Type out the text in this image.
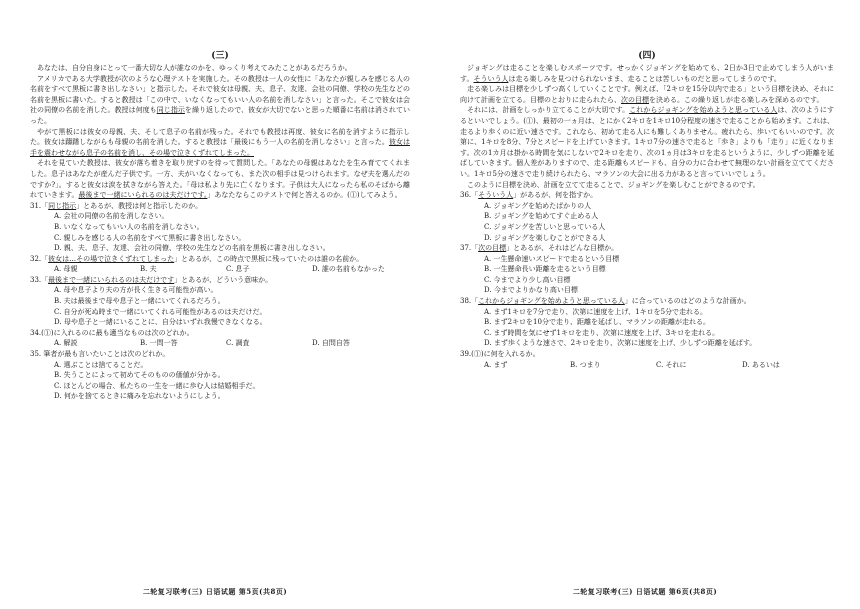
(三)

あなたは、自分自身にとって一番大切な人が誰なのかを、ゆっくり考えてみたことがあるだろうか。

アメリカである大学教授が次のような心理テストを実施した。その教授は一人の女性に「あなたが親しみを感じる人の名前をすべて黒板に書き出しなさい」と指示した。それで彼女は母親、夫、息子、友達、会社の同僚、学校の先生などの名前を黒板に書いた。すると教授は「この中で、いなくなってもいい人の名前を消しなさい」と言った。そこで彼女は会社の同僚の名前を消した。教授は何度も同じ指示を繰り返したので、彼女が大切でないと思った順番に名前は消されていった。

やがて黒板には彼女の母親、夫、そして息子の名前が残った。それでも教授は再度、彼女に名前を消すように指示した。彼女は躊躇しながらも母親の名前を消した。すると教授は「最後にもう一人の名前を消しなさい」と言った。彼女は手を震わせながら息子の名前を消し、その場で泣きくずれてしまった。

それを見ていた教授は、彼女が落ち着きを取り戻すのを待って質問した。「あなたの母親はあなたを生み育ててくれました。息子はあなたが産んだ子供です。一方、夫がいなくなっても、また次の相手は見つけられます。なぜ夫を選んだのですか?」。すると彼女は涙を拭きながら答えた。「母は私より先に亡くなります。子供は大人になったら私のそばから離れていきます。最後まで一緒にいられるのは夫だけです。」あなたならこのテストで何と答えるのか。(①)してみよう。

31.「同じ指示」とあるが、教授は何と指示したのか。

A. 会社の同僚の名前を消しなさい。

B. いなくなってもいい人の名前を消しなさい。

C. 親しみを感じる人の名前をすべて黒板に書き出しなさい。

D. 親、夫、息子、友達、会社の同僚、学校の先生などの名前を黒板に書き出しなさい。

32.「彼女は…その場で泣きくずれてしまった」とあるが、この時点で黒板に残っていたのは誰の名前か。

A. 母親	B. 夫	C. 息子	D. 誰の名前もなかった

33.「最後まで一緒にいられるのは夫だけです」とあるが、どういう意味か。

A. 母や息子より夫の方が長く生きる可能性が高い。

B. 夫は最後まで母や息子と一緒にいてくれるだろう。

C. 自分が死ぬ時まで一緒にいてくれる可能性があるのは夫だけだ。

D. 母や息子と一緒にいることに、自分はいずれ我慢できなくなる。

34.(①)に入れるのに最も適当なものは次のどれか。

A. 解説	B. 一問一答	C. 調査	D. 自問自答

35. 筆者が最も言いたいことは次のどれか。

A. 選ぶことは捨てることだ。

B. 失うことによって初めてそのものの価値が分かる。

C. ほとんどの場合、私たちの一生を一緒に歩む人は結婚相手だ。

D. 何かを捨てるときに痛みを忘れないようにしよう。

二轮复习联考(三) 日语试题 第5页(共8页)
(四)

ジョギングは走ることを楽しむスポーツです。せっかくジョギングを始めても、2日か3日で止めてしまう人がいます。そういう人は走る楽しみを見つけられないまま、走ることは苦しいものだと思ってしまうのです。

走る楽しみは目標を少しずつ高くしていくことです。例えば、「2キロを15分以内で走る」という目標を決め、それに向けて計画を立てる。目標のとおりに走られたら、次の目標を決める。この繰り返しが走る楽しみを深めるのです。

それには、計画をしっかり立てることが大切です。これからジョギングを始めようと思っている人は、次のようにするといいでしょう。(①)、最初の一ヵ月は、とにかく2キロを1キロ10分程度の速さで走ることから始めます。これは、走るより歩くのに近い速さです。これなら、初めて走る人にも難しくありません。疲れたら、歩いてもいいのです。次第に、1キロを8分、7分とスピードを上げていきます。1キロ7分の速さで走ると「歩き」よりも「走り」に近くなります。次の1カ月は掛かる時間を気にしないで2キロを走り、次の1ヵ月は3キロを走るというように、少しずつ距離を延ばしていきます。個人差がありますので、走る距離もスピードも、自分の力に合わせて無理のない計画を立ててください。1キロ5分の速さで走り続けられたら、マラソンの大会に出る力があると言っていいでしょう。

このように目標を決め、計画を立てて走ることで、ジョギングを楽しむことができるのです。

36.「そういう人」があるが、何を指すか。

A. ジョギングを始めたばかりの人

B. ジョギングを始めてすぐ止める人

C. ジョギングを苦しいと思っている人

D. ジョギングを楽しむことができる人

37.「次の目標」とあるが、それはどんな目標か。

A. 一生懸命速いスピードで走るという目標

B. 一生懸命長い距離を走るという目標

C. 今までより少し高い目標

D. 今までよりかなり高い目標

38.「これからジョギングを始めようと思っている人」に合っているのはどのような計画か。

A. まず1キロを7分で走り、次第に速度を上げ、1キロを5分で走れる。

B. まず2キロを10分で走り、距離を延ばし、マラソンの距離が走れる。

C. まず時間を気にせず1キロを走り、次第に速度を上げ、3キロを走れる。

D. まず歩くような速さで、2キロを走り、次第に速度を上げ、少しずつ距離を延ばす。

39.(①)に何を入れるか。

A. まず	B. つまり	C. それに	D. あるいは
二轮复习联考(三) 日语试题 第6页(共8页)
